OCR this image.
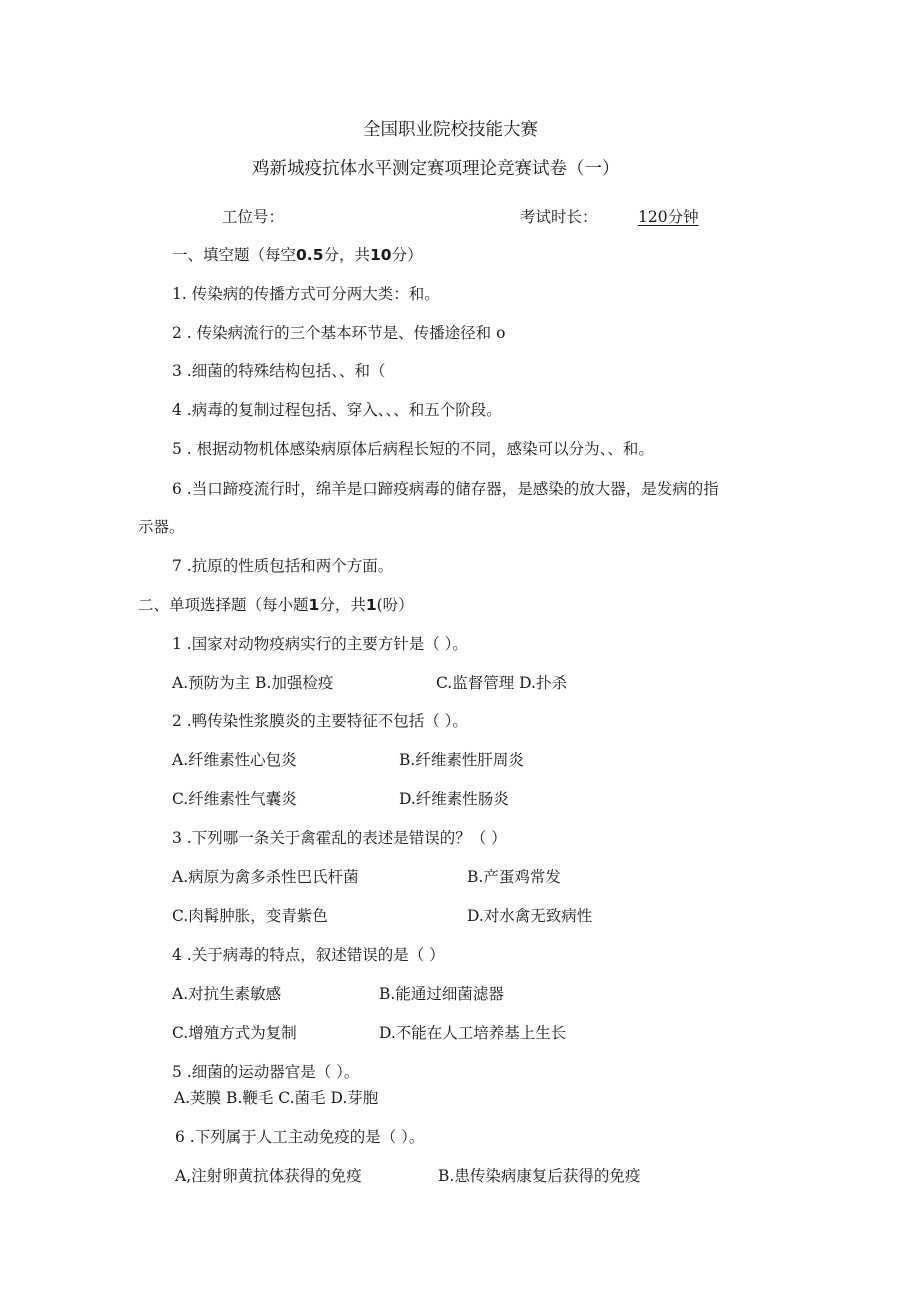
全国职业院校技能大赛
鸡新城疫抗体水平测定赛项理论竞赛试卷（一）
工位号：	考试时长：	120分钟
一、填空题（每空0.5分，共10分）
1. 传染病的传播方式可分两大类：和。
2 . 传染病流行的三个基本环节是、传播途径和 o
3 .细菌的特殊结构包括、、和（
4 .病毒的复制过程包括、穿入、、、和五个阶段。
5 . 根据动物机体感染病原体后病程长短的不同，感染可以分为、、和。
6 .当口蹄疫流行时，绵羊是口蹄疫病毒的储存器，是感染的放大器，是发病的指
示器。
7 .抗原的性质包括和两个方面。
二、单项选择题（每小题1分，共1(吩）
1 .国家对动物疫病实行的主要方针是（ ）。
A.预防为主 B.加强检疫	C.监督管理 D.扑杀
2 .鸭传染性浆膜炎的主要特征不包括（ ）。
A.纤维素性心包炎	B.纤维素性肝周炎
C.纤维素性气囊炎	D.纤维素性肠炎
3 .下列哪一条关于禽霍乱的表述是错误的？（ ）
A.病原为禽多杀性巴氏杆菌	B.产蛋鸡常发
C.肉髯肿胀，变青紫色	D.对水禽无致病性
4 .关于病毒的特点，叙述错误的是（ ）
A.对抗生素敏感	B.能通过细菌滤器
C.增殖方式为复制	D.不能在人工培养基上生长
5 .细菌的运动器官是（ ）。
A.荚膜 B.鞭毛 C.菌毛 D.芽胞
6 .下列属于人工主动免疫的是（ ）。
A,注射卵黄抗体获得的免疫	B.患传染病康复后获得的免疫
